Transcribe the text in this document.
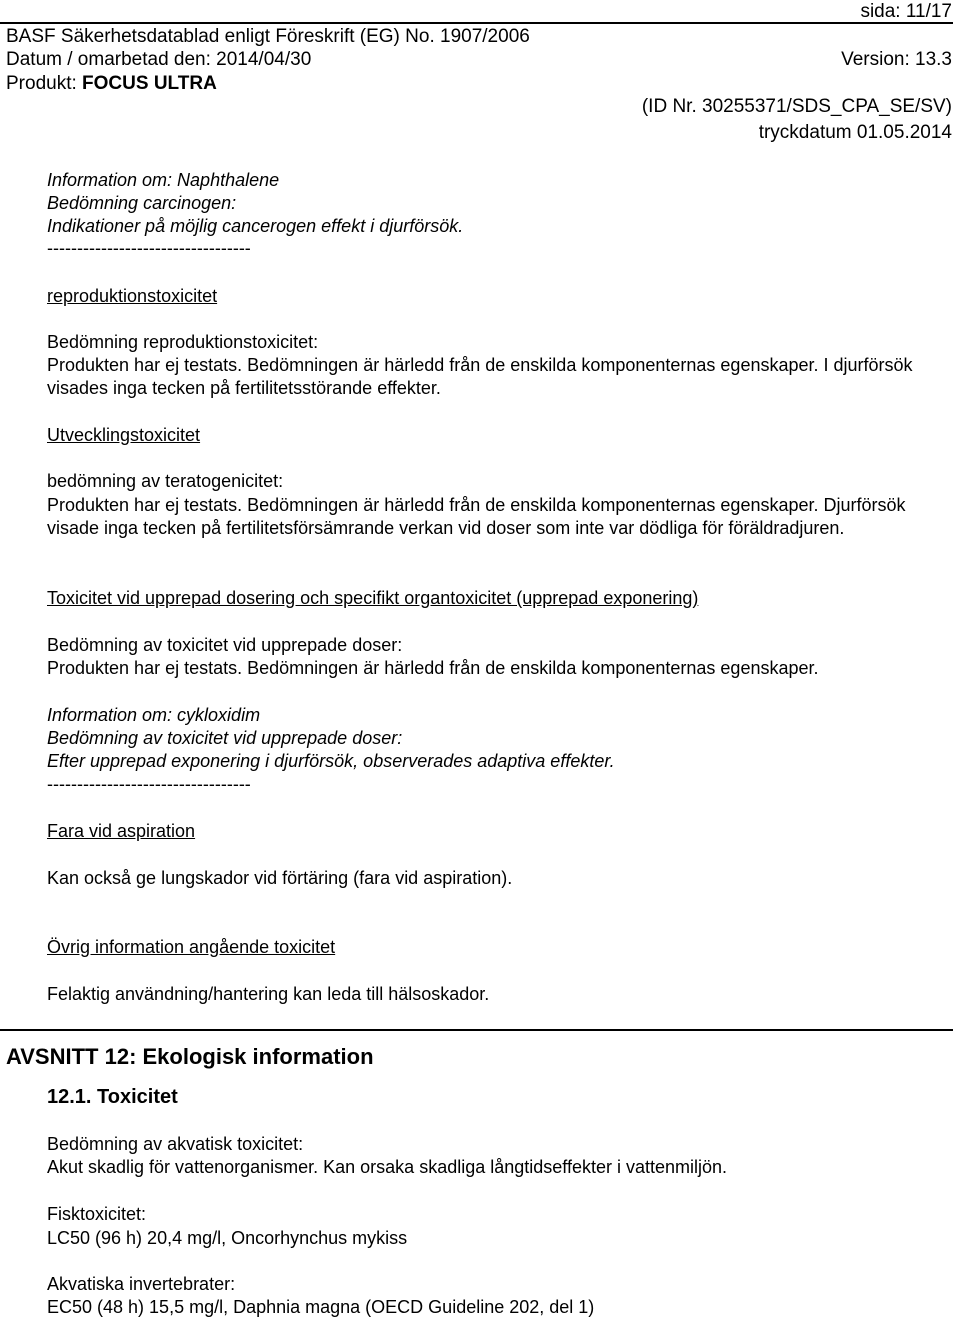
sida: 11/17
BASF Säkerhetsdatablad enligt Föreskrift (EG) No. 1907/2006
Datum / omarbetad den: 2014/04/30	Version: 13.3
Produkt: FOCUS ULTRA
(ID Nr. 30255371/SDS_CPA_SE/SV)
tryckdatum 01.05.2014
Information om: Naphthalene
Bedömning carcinogen:
Indikationer på möjlig cancerogen effekt i djurförsök.
----------------------------------
reproduktionstoxicitet
Bedömning reproduktionstoxicitet:
Produkten har ej testats. Bedömningen är härledd från de enskilda komponenternas egenskaper. I djurförsök visades inga tecken på fertilitetsstörande effekter.
Utvecklingstoxicitet
bedömning av teratogenicitet:
Produkten har ej testats. Bedömningen är härledd från de enskilda komponenternas egenskaper. Djurförsök visade inga tecken på fertilitetsförsämrande verkan vid doser som inte var dödliga för föräldradjuren.
Toxicitet vid upprepad dosering och specifikt organtoxicitet (upprepad exponering)
Bedömning av toxicitet vid upprepade doser:
Produkten har ej testats. Bedömningen är härledd från de enskilda komponenternas egenskaper.
Information om: cykloxidim
Bedömning av toxicitet vid upprepade doser:
Efter upprepad exponering i djurförsök, observerades adaptiva effekter.
----------------------------------
Fara vid aspiration
Kan också ge lungskador vid förtäring (fara vid aspiration).
Övrig information angående toxicitet
Felaktig användning/hantering kan leda till hälsoskador.
AVSNITT 12: Ekologisk information
12.1. Toxicitet
Bedömning av akvatisk toxicitet:
Akut skadlig för vattenorganismer. Kan orsaka skadliga långtidseffekter i vattenmiljön.
Fisktoxicitet:
LC50 (96 h) 20,4 mg/l, Oncorhynchus mykiss
Akvatiska invertebrater:
EC50 (48 h) 15,5 mg/l, Daphnia magna (OECD Guideline 202, del 1)
